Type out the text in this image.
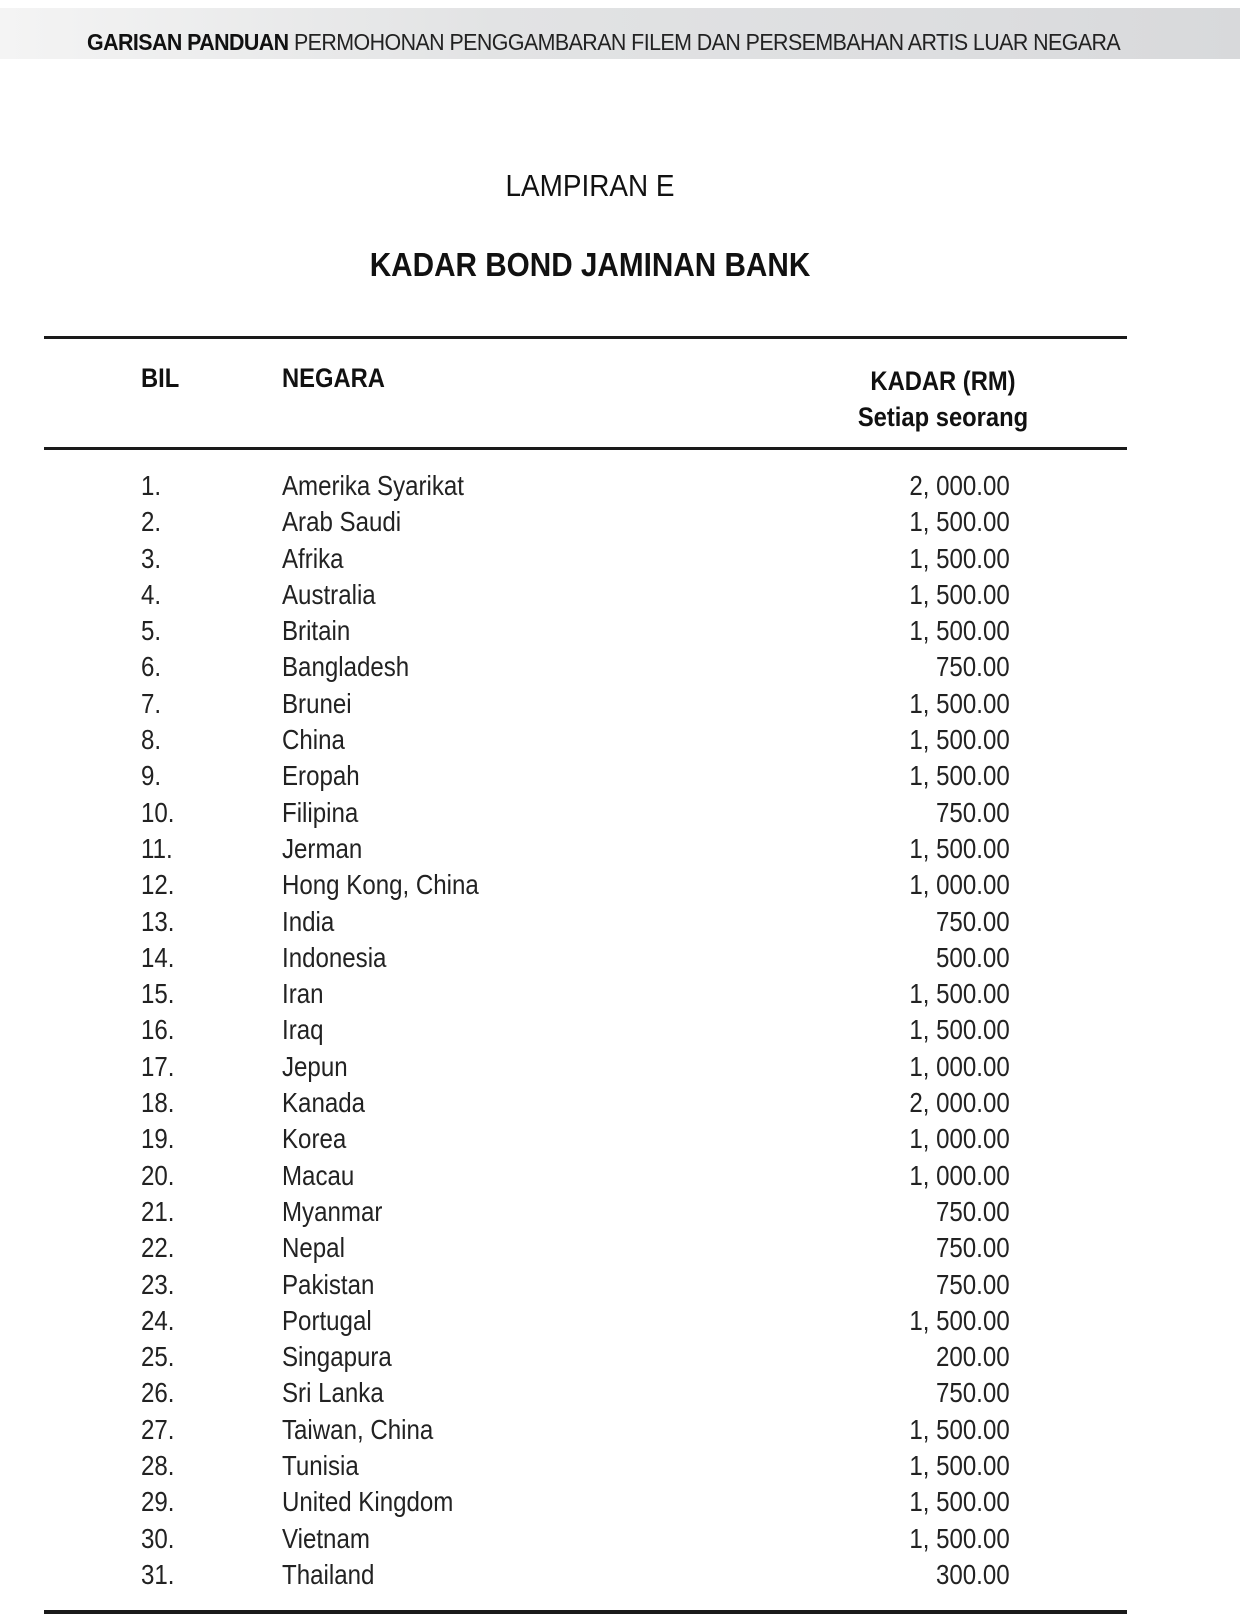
GARISAN PANDUAN PERMOHONAN PENGGAMBARAN FILEM DAN PERSEMBAHAN ARTIS LUAR NEGARA
LAMPIRAN E
KADAR BOND JAMINAN BANK
BIL	NEGARA	KADAR (RM)
Setiap seorang
1.	Amerika Syarikat	2, 000.00
2.	Arab Saudi	1, 500.00
3.	Afrika	1, 500.00
4.	Australia	1, 500.00
5.	Britain	1, 500.00
6.	Bangladesh	750.00
7.	Brunei	1, 500.00
8.	China	1, 500.00
9.	Eropah	1, 500.00
10.	Filipina	750.00
11.	Jerman	1, 500.00
12.	Hong Kong, China	1, 000.00
13.	India	750.00
14.	Indonesia	500.00
15.	Iran	1, 500.00
16.	Iraq	1, 500.00
17.	Jepun	1, 000.00
18.	Kanada	2, 000.00
19.	Korea	1, 000.00
20.	Macau	1, 000.00
21.	Myanmar	750.00
22.	Nepal	750.00
23.	Pakistan	750.00
24.	Portugal	1, 500.00
25.	Singapura	200.00
26.	Sri Lanka	750.00
27.	Taiwan, China	1, 500.00
28.	Tunisia	1, 500.00
29.	United Kingdom	1, 500.00
30.	Vietnam	1, 500.00
31.	Thailand	300.00
